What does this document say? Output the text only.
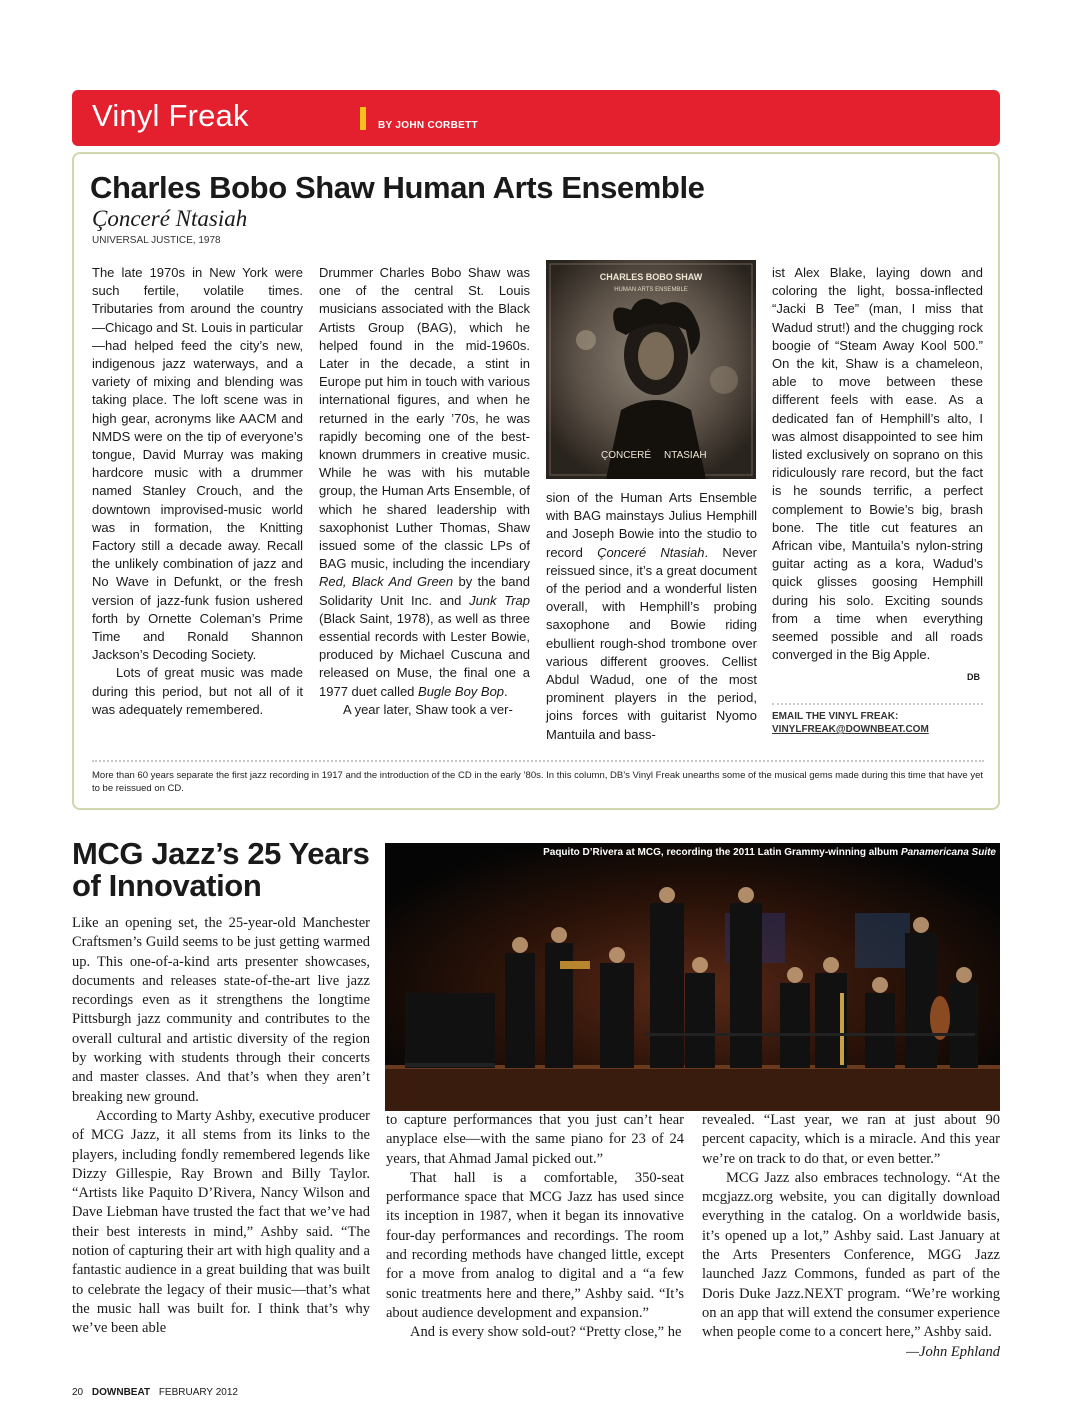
Vinyl Freak	BY JOHN CORBETT
Charles Bobo Shaw Human Arts Ensemble
Çonceré Ntasiah
UNIVERSAL JUSTICE, 1978

The late 1970s in New York were such fertile, volatile times. Tributaries from around the country—Chicago and St. Louis in particular—had helped feed the city’s new, indigenous jazz waterways, and a variety of mixing and blending was taking place. The loft scene was in high gear, acronyms like AACM and NMDS were on the tip of everyone’s tongue, David Murray was making hardcore music with a drummer named Stanley Crouch, and the downtown improvised-music world was in formation, the Knitting Factory still a decade away. Recall the unlikely combination of jazz and No Wave in Defunkt, or the fresh version of jazz-funk fusion ushered forth by Ornette Coleman’s Prime Time and Ronald Shannon Jackson’s Decoding Society.

Lots of great music was made during this period, but not all of it was adequately remembered.

Drummer Charles Bobo Shaw was one of the central St. Louis musicians associated with the Black Artists Group (BAG), which he helped found in the mid-1960s. Later in the decade, a stint in Europe put him in touch with various international figures, and when he returned in the early ’70s, he was rapidly becoming one of the best-known drummers in creative music. While he was with his mutable group, the Human Arts Ensemble, of which he shared leadership with saxophonist Luther Thomas, Shaw issued some of the classic LPs of BAG music, including the incendiary Red, Black And Green by the band Solidarity Unit Inc. and Junk Trap (Black Saint, 1978), as well as three essential records with Lester Bowie, produced by Michael Cuscuna and released on Muse, the final one a 1977 duet called Bugle Boy Bop.

A year later, Shaw took a ver-

CHARLES BOBO SHAW
HUMAN ARTS ENSEMBLE
ÇONCERÉ NTASIAH

sion of the Human Arts Ensemble with BAG mainstays Julius Hemphill and Joseph Bowie into the studio to record Çonceré Ntasiah. Never reissued since, it’s a great document of the period and a wonderful listen overall, with Hemphill’s probing saxophone and Bowie riding ebullient rough-shod trombone over various different grooves. Cellist Abdul Wadud, one of the most prominent players in the period, joins forces with guitarist Nyomo Mantuila and bass-

ist Alex Blake, laying down and coloring the light, bossa-inflected “Jacki B Tee” (man, I miss that Wadud strut!) and the chugging rock boogie of “Steam Away Kool 500.” On the kit, Shaw is a chameleon, able to move between these different feels with ease. As a dedicated fan of Hemphill’s alto, I was almost disappointed to see him listed exclusively on soprano on this ridiculously rare record, but the fact is he sounds terrific, a perfect complement to Bowie’s big, brash bone. The title cut features an African vibe, Mantuila’s nylon-string guitar acting as a kora, Wadud’s quick glisses goosing Hemphill during his solo. Exciting sounds from a time when everything seemed possible and all roads converged in the Big Apple.

DB
EMAIL THE VINYL FREAK:
VINYLFREAK@DOWNBEAT.COM
More than 60 years separate the first jazz recording in 1917 and the introduction of the CD in the early ’80s. In this column, DB’s Vinyl Freak unearths some of the musical gems made during this time that have yet to be reissued on CD.
MCG Jazz’s 25 Years of Innovation
Paquito D’Rivera at MCG, recording the 2011 Latin Grammy-winning album Panamericana Suite

Like an opening set, the 25-year-old Manchester Craftsmen’s Guild seems to be just getting warmed up. This one-of-a-kind arts presenter showcases, documents and releases state-of-the-art live jazz recordings even as it strengthens the longtime Pittsburgh jazz community and contributes to the overall cultural and artistic diversity of the region by working with students through their concerts and master classes. And that’s when they aren’t breaking new ground.

According to Marty Ashby, executive producer of MCG Jazz, it all stems from its links to the players, including fondly remembered legends like Dizzy Gillespie, Ray Brown and Billy Taylor. “Artists like Paquito D’Rivera, Nancy Wilson and Dave Liebman have trusted the fact that we’ve had their best interests in mind,” Ashby said. “The notion of capturing their art with high quality and a fantastic audience in a great building that was built to celebrate the legacy of their music—that’s what the music hall was built for. I think that’s why we’ve been able

to capture performances that you just can’t hear anyplace else—with the same piano for 23 of 24 years, that Ahmad Jamal picked out.”

That hall is a comfortable, 350-seat performance space that MCG Jazz has used since its inception in 1987, when it began its innovative four-day performances and recordings. The room and recording methods have changed little, except for a move from analog to digital and a “a few sonic treatments here and there,” Ashby said. “It’s about audience development and expansion.”

And is every show sold-out? “Pretty close,” he

revealed. “Last year, we ran at just about 90 percent capacity, which is a miracle. And this year we’re on track to do that, or even better.”

MCG Jazz also embraces technology. “At the mcgjazz.org website, you can digitally download everything in the catalog. On a worldwide basis, it’s opened up a lot,” Ashby said. Last January at the Arts Presenters Conference, MGG Jazz launched Jazz Commons, funded as part of the Doris Duke Jazz.NEXT program. “We’re working on an app that will extend the consumer experience when people come to a concert here,” Ashby said.
—John Ephland

20 DOWNBEAT FEBRUARY 2012
